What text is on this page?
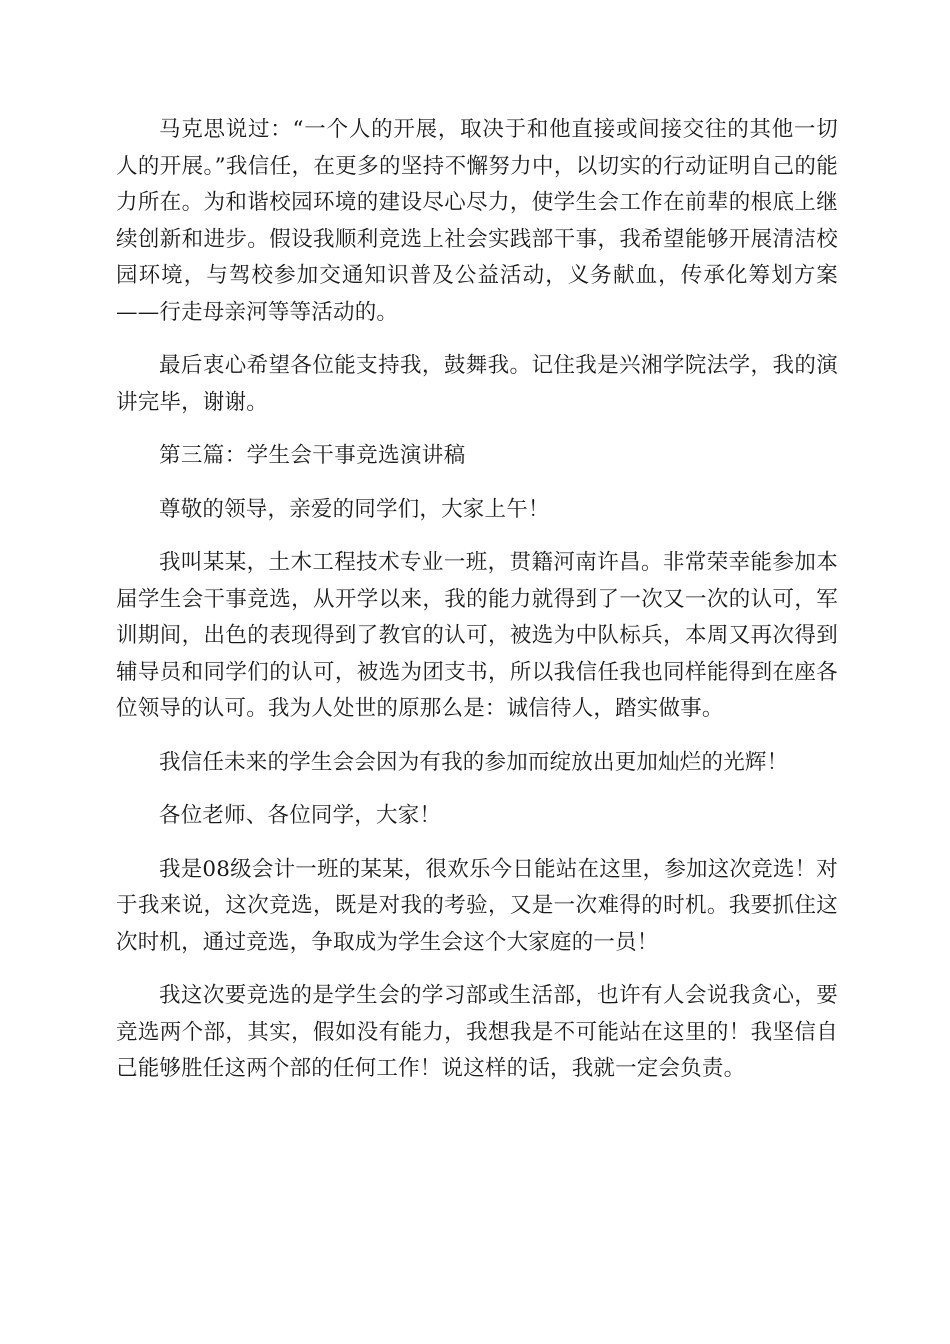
马克思说过：“一个人的开展，取决于和他直接或间接交往的其他一切人的开展。”我信任，在更多的坚持不懈努力中，以切实的行动证明自己的能力所在。为和谐校园环境的建设尽心尽力，使学生会工作在前辈的根底上继续创新和进步。假设我顺利竞选上社会实践部干事，我希望能够开展清洁校园环境，与驾校参加交通知识普及公益活动，义务献血，传承化筹划方案——行走母亲河等等活动的。

最后衷心希望各位能支持我，鼓舞我。记住我是兴湘学院法学，我的演讲完毕，谢谢。

第三篇：学生会干事竞选演讲稿

尊敬的领导，亲爱的同学们，大家上午！

我叫某某，土木工程技术专业一班，贯籍河南许昌。非常荣幸能参加本届学生会干事竞选，从开学以来，我的能力就得到了一次又一次的认可，军训期间，出色的表现得到了教官的认可，被选为中队标兵，本周又再次得到辅导员和同学们的认可，被选为团支书，所以我信任我也同样能得到在座各位领导的认可。我为人处世的原那么是：诚信待人，踏实做事。

我信任未来的学生会会因为有我的参加而绽放出更加灿烂的光辉！

各位老师、各位同学，大家！

我是08级会计一班的某某，很欢乐今日能站在这里，参加这次竞选！对于我来说，这次竞选，既是对我的考验，又是一次难得的时机。我要抓住这次时机，通过竞选，争取成为学生会这个大家庭的一员！

我这次要竞选的是学生会的学习部或生活部，也许有人会说我贪心，要竞选两个部，其实，假如没有能力，我想我是不可能站在这里的！我坚信自己能够胜任这两个部的任何工作！说这样的话，我就一定会负责。
